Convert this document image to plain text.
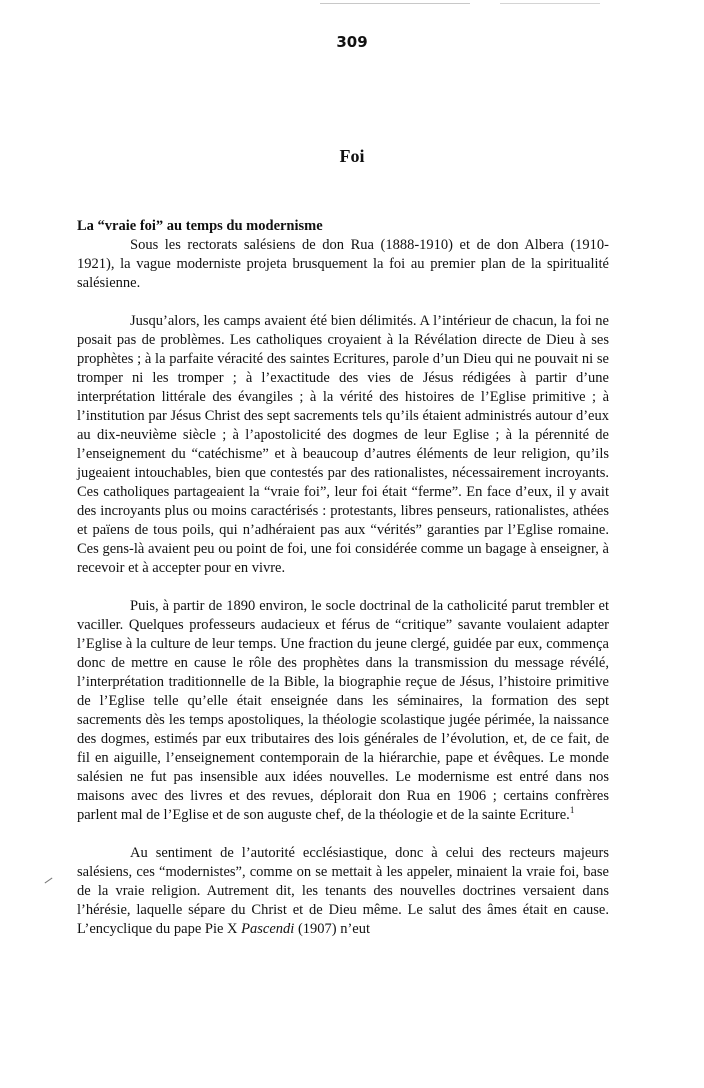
309
Foi
La “vraie foi” au temps du modernisme

Sous les rectorats salésiens de don Rua (1888-1910) et de don Albera (1910-1921), la vague moderniste projeta brusquement la foi au premier plan de la spiritualité salésienne.

Jusqu’alors, les camps avaient été bien délimités. A l’intérieur de chacun, la foi ne posait pas de problèmes. Les catholiques croyaient à la Révélation directe de Dieu à ses prophètes ; à la parfaite véracité des saintes Ecritures, parole d’un Dieu qui ne pouvait ni se tromper ni les tromper ; à l’exactitude des vies de Jésus rédigées à partir d’une interprétation littérale des évangiles ; à la vérité des histoires de l’Eglise primitive ; à l’institution par Jésus Christ des sept sacrements tels qu’ils étaient administrés autour d’eux au dix-neuvième siècle ; à l’apostolicité des dogmes de leur Eglise ; à la pérennité de l’enseignement du “catéchisme” et à beaucoup d’autres éléments de leur religion, qu’ils jugeaient intouchables, bien que contestés par des rationalistes, nécessairement incroyants. Ces catholiques partageaient la “vraie foi”, leur foi était “ferme”. En face d’eux, il y avait des incroyants plus ou moins caractérisés : protestants, libres penseurs, rationalistes, athées et païens de tous poils, qui n’adhéraient pas aux “vérités” garanties par l’Eglise romaine. Ces gens-là avaient peu ou point de foi, une foi considérée comme un bagage à enseigner, à recevoir et à accepter pour en vivre.

Puis, à partir de 1890 environ, le socle doctrinal de la catholicité parut trembler et vaciller. Quelques professeurs audacieux et férus de “critique” savante voulaient adapter l’Eglise à la culture de leur temps. Une fraction du jeune clergé, guidée par eux, commença donc de mettre en cause le rôle des prophètes dans la transmission du message révélé, l’interprétation traditionnelle de la Bible, la biographie reçue de Jésus, l’histoire primitive de l’Eglise telle qu’elle était enseignée dans les séminaires, la formation des sept sacrements dès les temps apostoliques, la théologie scolastique jugée périmée, la naissance des dogmes, estimés par eux tributaires des lois générales de l’évolution, et, de ce fait, de fil en aiguille, l’enseignement contemporain de la hiérarchie, pape et évêques. Le monde salésien ne fut pas insensible aux idées nouvelles. Le modernisme est entré dans nos maisons avec des livres et des revues, déplorait don Rua en 1906 ; certains confrères parlent mal de l’Eglise et de son auguste chef, de la théologie et de la sainte Ecriture.$^1$

Au sentiment de l’autorité ecclésiastique, donc à celui des recteurs majeurs salésiens, ces “modernistes”, comme on se mettait à les appeler, minaient la vraie foi, base de la vraie religion. Autrement dit, les tenants des nouvelles doctrines versaient dans l’hérésie, laquelle sépare du Christ et de Dieu même. Le salut des âmes était en cause. L’encyclique du pape Pie X Pascendi (1907) n’eut
